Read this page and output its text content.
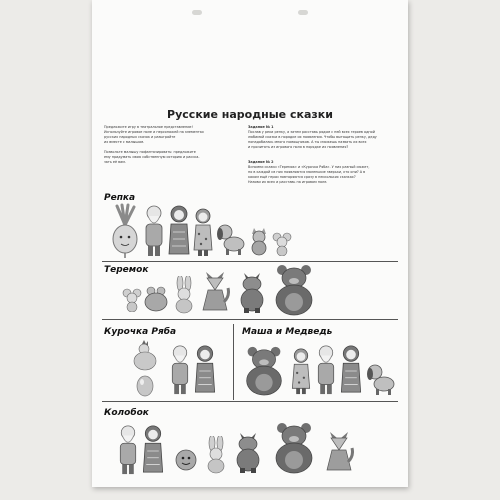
Русские народные сказки
Предложите игру в театральное представление!
Используйте игровое поле и персонажей на элементах
русских народных сказок и разыграйте
их вместе с малышом.

Позвольте малышу пофантазировать: предложите
ему придумать свою собственную историю и расска-
зать её вам.
Задание № 1
Послав у реки репку, а затем расставь рядом с ней всех героев одной
любимой сказки в порядке их появления. Чтобы вытащить репку, деду
понадобилась много помощников. А ты сможешь назвать их всех
и прочитать из игрового поля в порядке их появления?
Задание № 2
Вспомни сказки «Теремок» и «Курочка Ряба». У них разный сюжет,
но в каждой из них появляются маленькие зверьки, кто они? А в
каком ещё герои повторяются сразу в нескольких сказках?
Назови их всех и расставь на игровом поле.
Репка
Теремок
Курочка Ряба	Маша и Медведь
Колобок
